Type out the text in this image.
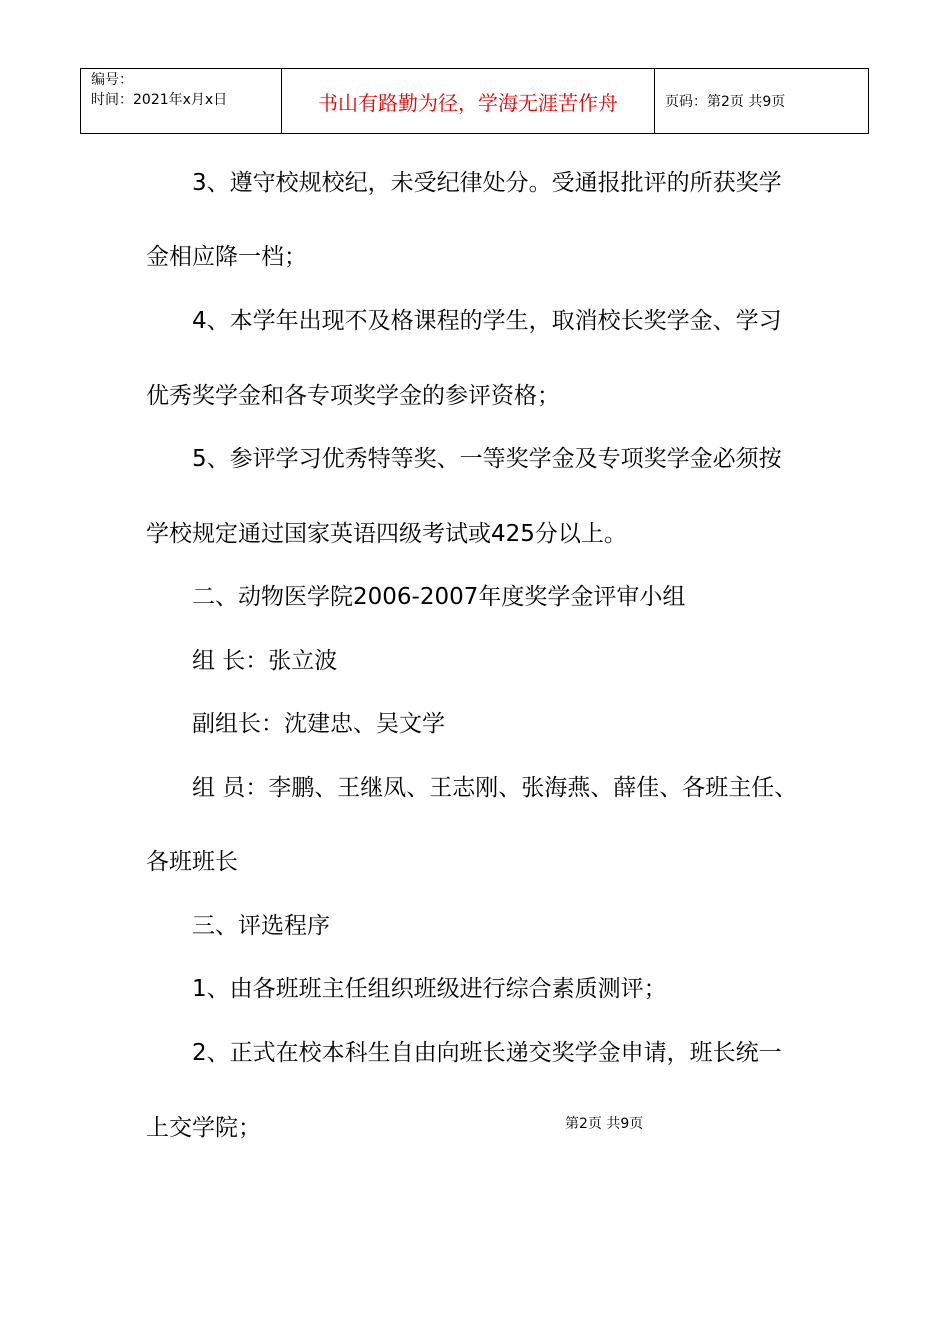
编号：
时间：2021年x月x日	书山有路勤为径，学海无涯苦作舟	页码：第2页 共9页
3、遵守校规校纪，未受纪律处分。受通报批评的所获奖学
金相应降一档；
4、本学年出现不及格课程的学生，取消校长奖学金、学习
优秀奖学金和各专项奖学金的参评资格；
5、参评学习优秀特等奖、一等奖学金及专项奖学金必须按
学校规定通过国家英语四级考试或425分以上。
二、动物医学院2006-2007年度奖学金评审小组
组 长：张立波
副组长：沈建忠、吴文学
组 员：李鹏、王继凤、王志刚、张海燕、薛佳、各班主任、
各班班长
三、评选程序
1、由各班班主任组织班级进行综合素质测评；
2、正式在校本科生自由向班长递交奖学金申请，班长统一
上交学院；	第2页 共9页
